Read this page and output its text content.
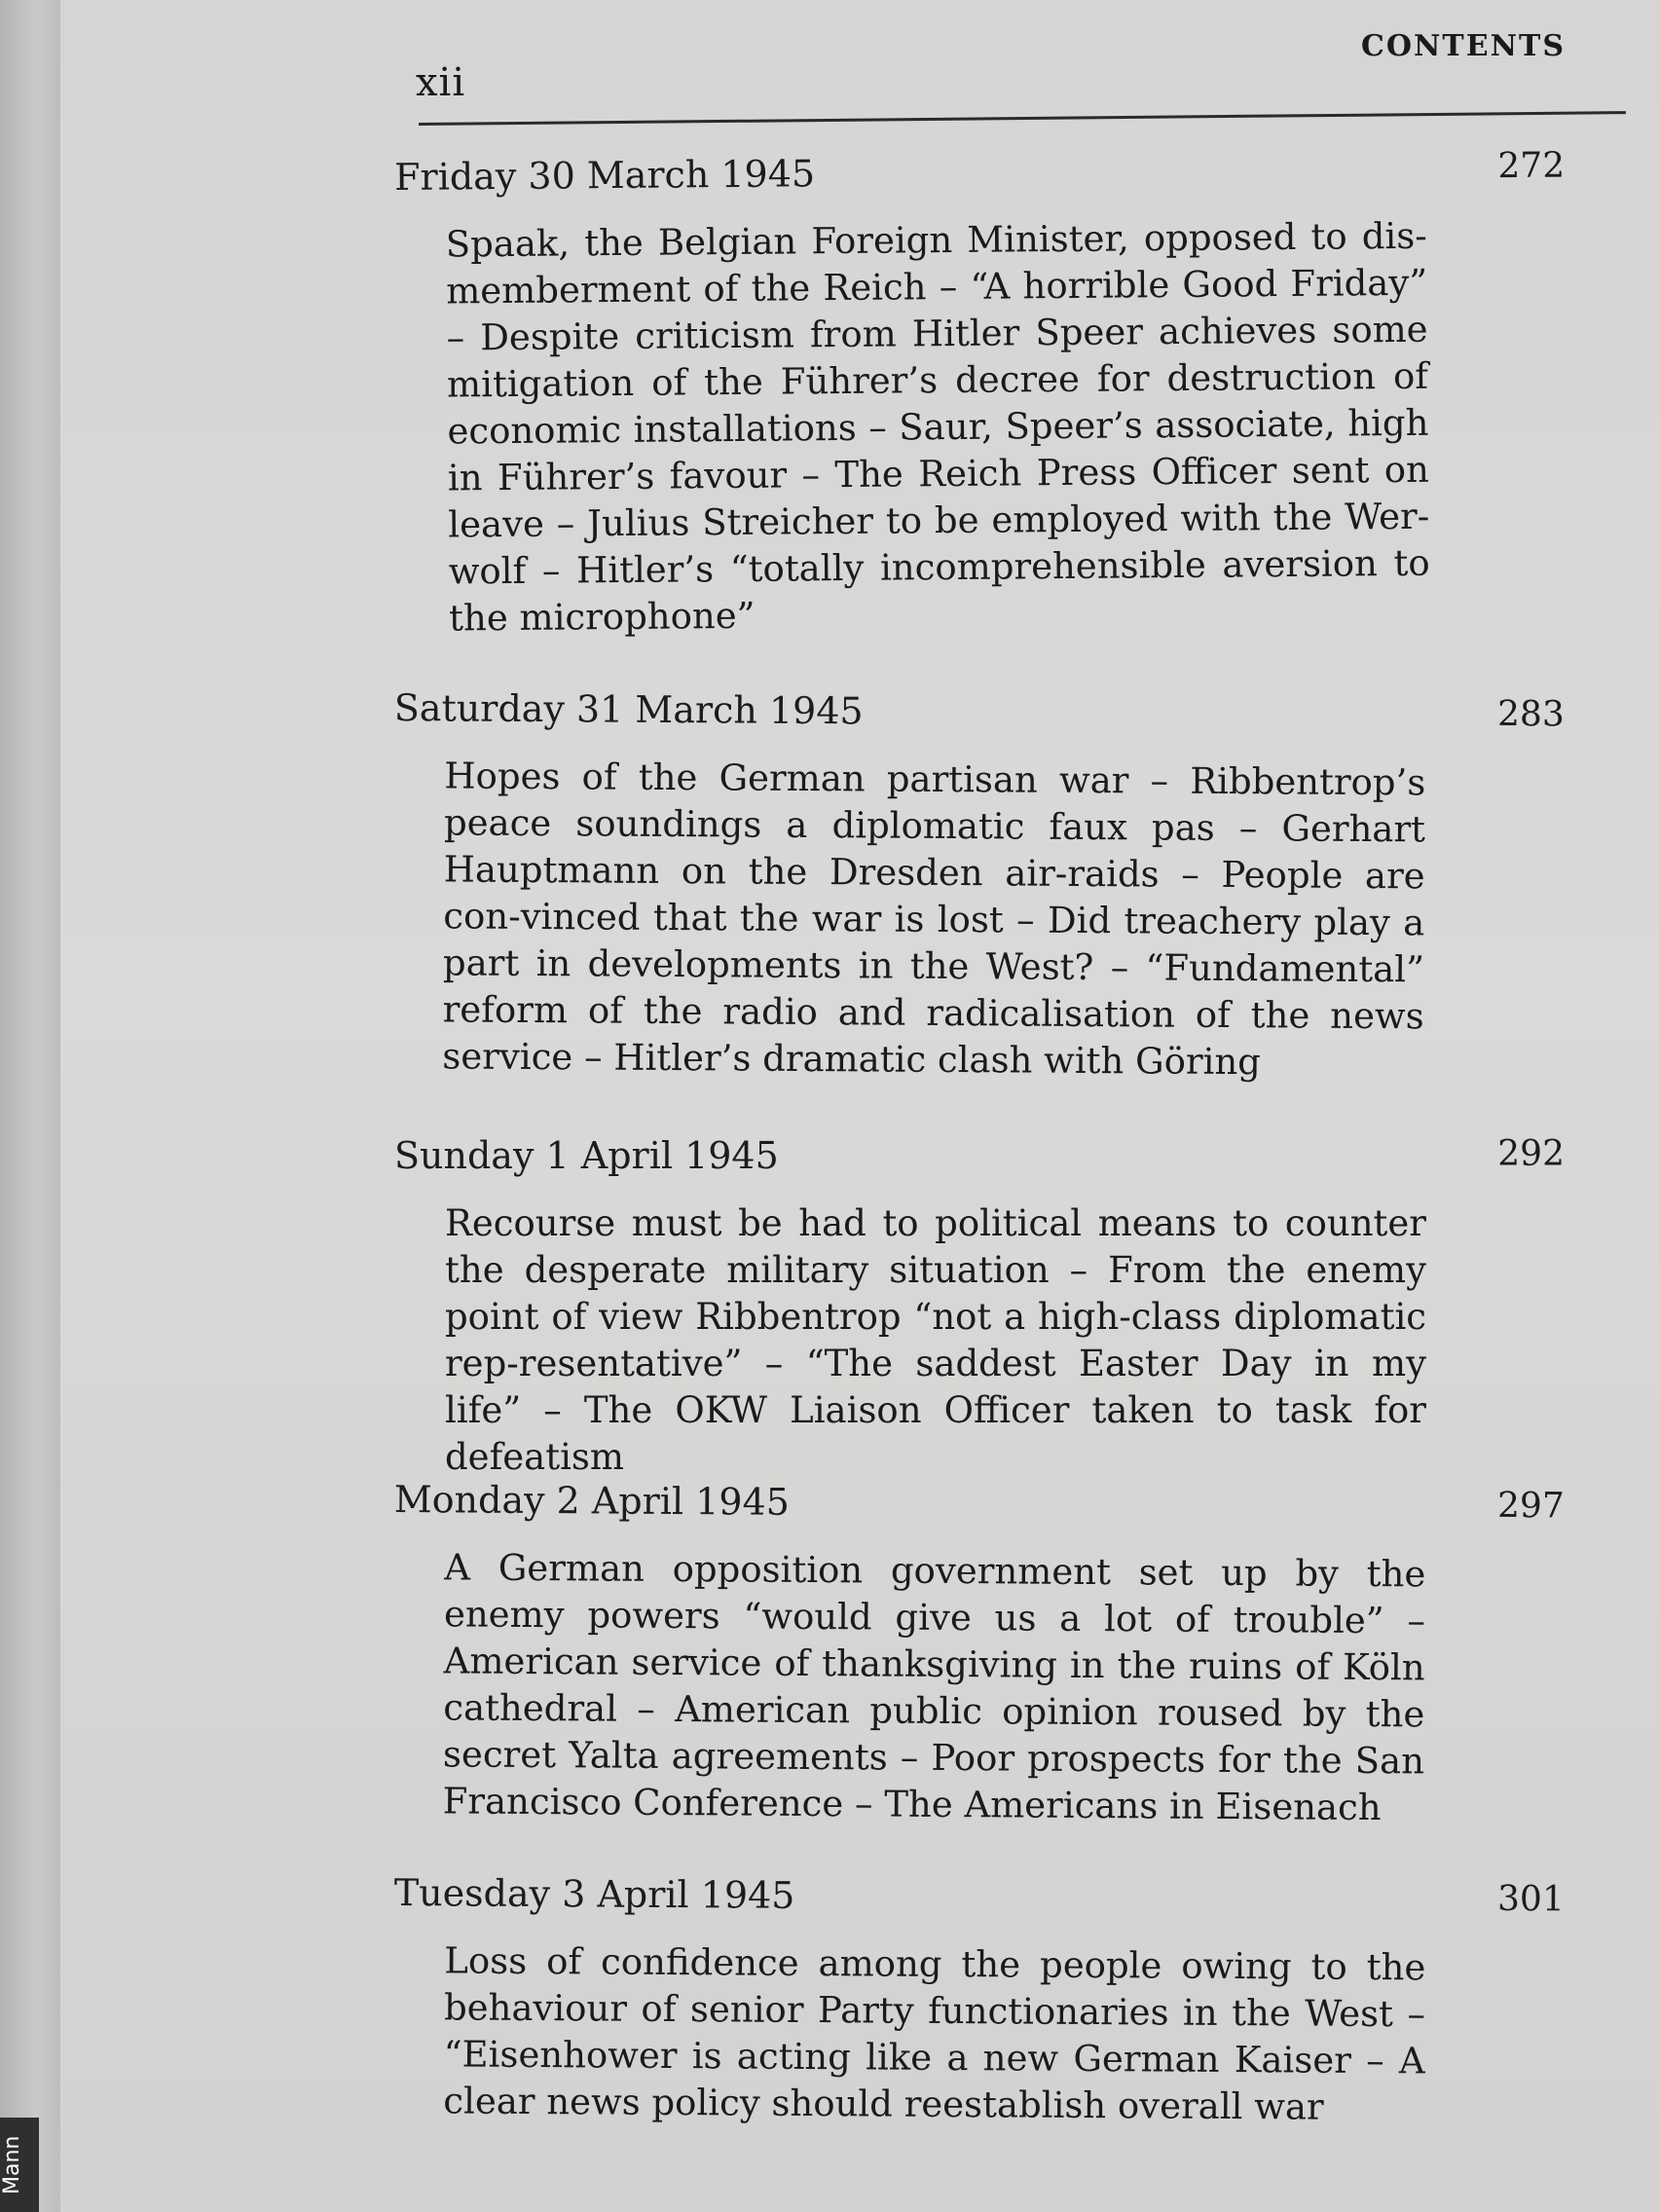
xii
CONTENTS
Friday 30 March 1945	272
Spaak, the Belgian Foreign Minister, opposed to dis-memberment of the Reich – “A horrible Good Friday” – Despite criticism from Hitler Speer achieves some mitigation of the Führer’s decree for destruction of economic installations – Saur, Speer’s associate, high in Führer’s favour – The Reich Press Officer sent on leave – Julius Streicher to be employed with the Wer-wolf – Hitler’s “totally incomprehensible aversion to the microphone”
Saturday 31 March 1945	283
Hopes of the German partisan war – Ribbentrop’s peace soundings a diplomatic faux pas – Gerhart Hauptmann on the Dresden air-raids – People are con-vinced that the war is lost – Did treachery play a part in developments in the West? – “Fundamental” reform of the radio and radicalisation of the news service – Hitler’s dramatic clash with Göring
Sunday 1 April 1945	292
Recourse must be had to political means to counter the desperate military situation – From the enemy point of view Ribbentrop “not a high-class diplomatic rep-resentative” – “The saddest Easter Day in my life” – The OKW Liaison Officer taken to task for defeatism
Monday 2 April 1945	297
A German opposition government set up by the enemy powers “would give us a lot of trouble” – American service of thanksgiving in the ruins of Köln cathedral – American public opinion roused by the secret Yalta agreements – Poor prospects for the San Francisco Conference – The Americans in Eisenach
Tuesday 3 April 1945	301
Loss of confidence among the people owing to the behaviour of senior Party functionaries in the West – “Eisenhower is acting like a new German Kaiser – A clear news policy should reestablish overall war
Mann
